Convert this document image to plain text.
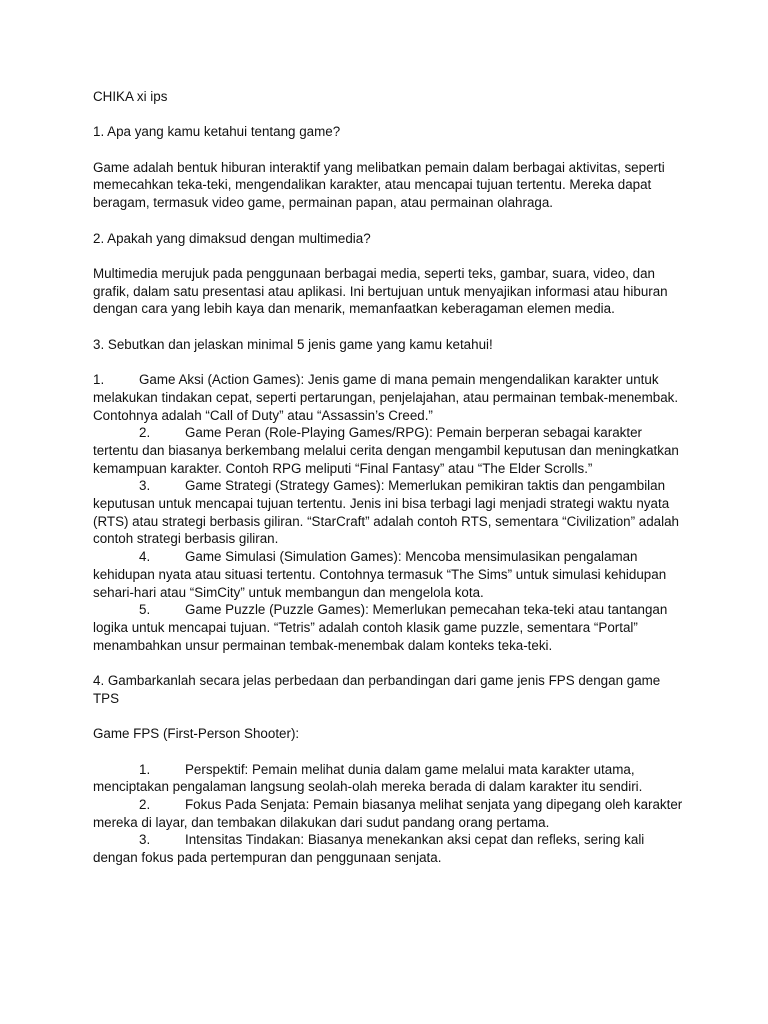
CHIKA xi ips

1. Apa yang kamu ketahui tentang game?

Game adalah bentuk hiburan interaktif yang melibatkan pemain dalam berbagai aktivitas, seperti memecahkan teka-teki, mengendalikan karakter, atau mencapai tujuan tertentu. Mereka dapat beragam, termasuk video game, permainan papan, atau permainan olahraga.

2. Apakah yang dimaksud dengan multimedia?

Multimedia merujuk pada penggunaan berbagai media, seperti teks, gambar, suara, video, dan grafik, dalam satu presentasi atau aplikasi. Ini bertujuan untuk menyajikan informasi atau hiburan dengan cara yang lebih kaya dan menarik, memanfaatkan keberagaman elemen media.

3. Sebutkan dan jelaskan minimal 5 jenis game yang kamu ketahui!

1.	Game Aksi (Action Games): Jenis game di mana pemain mengendalikan karakter untuk melakukan tindakan cepat, seperti pertarungan, penjelajahan, atau permainan tembak-menembak. Contohnya adalah “Call of Duty” atau “Assassin’s Creed.”

2.	Game Peran (Role-Playing Games/RPG): Pemain berperan sebagai karakter tertentu dan biasanya berkembang melalui cerita dengan mengambil keputusan dan meningkatkan kemampuan karakter. Contoh RPG meliputi “Final Fantasy” atau “The Elder Scrolls.”

3.	Game Strategi (Strategy Games): Memerlukan pemikiran taktis dan pengambilan keputusan untuk mencapai tujuan tertentu. Jenis ini bisa terbagi lagi menjadi strategi waktu nyata (RTS) atau strategi berbasis giliran. “StarCraft” adalah contoh RTS, sementara “Civilization” adalah contoh strategi berbasis giliran.

4.	Game Simulasi (Simulation Games): Mencoba mensimulasikan pengalaman kehidupan nyata atau situasi tertentu. Contohnya termasuk “The Sims” untuk simulasi kehidupan sehari-hari atau “SimCity” untuk membangun dan mengelola kota.

5.	Game Puzzle (Puzzle Games): Memerlukan pemecahan teka-teki atau tantangan logika untuk mencapai tujuan. “Tetris” adalah contoh klasik game puzzle, sementara “Portal” menambahkan unsur permainan tembak-menembak dalam konteks teka-teki.

4. Gambarkanlah secara jelas perbedaan dan perbandingan dari game jenis FPS dengan game TPS

Game FPS (First-Person Shooter):

1.	Perspektif: Pemain melihat dunia dalam game melalui mata karakter utama, menciptakan pengalaman langsung seolah-olah mereka berada di dalam karakter itu sendiri.

2.	Fokus Pada Senjata: Pemain biasanya melihat senjata yang dipegang oleh karakter mereka di layar, dan tembakan dilakukan dari sudut pandang orang pertama.

3.	Intensitas Tindakan: Biasanya menekankan aksi cepat dan refleks, sering kali dengan fokus pada pertempuran dan penggunaan senjata.
